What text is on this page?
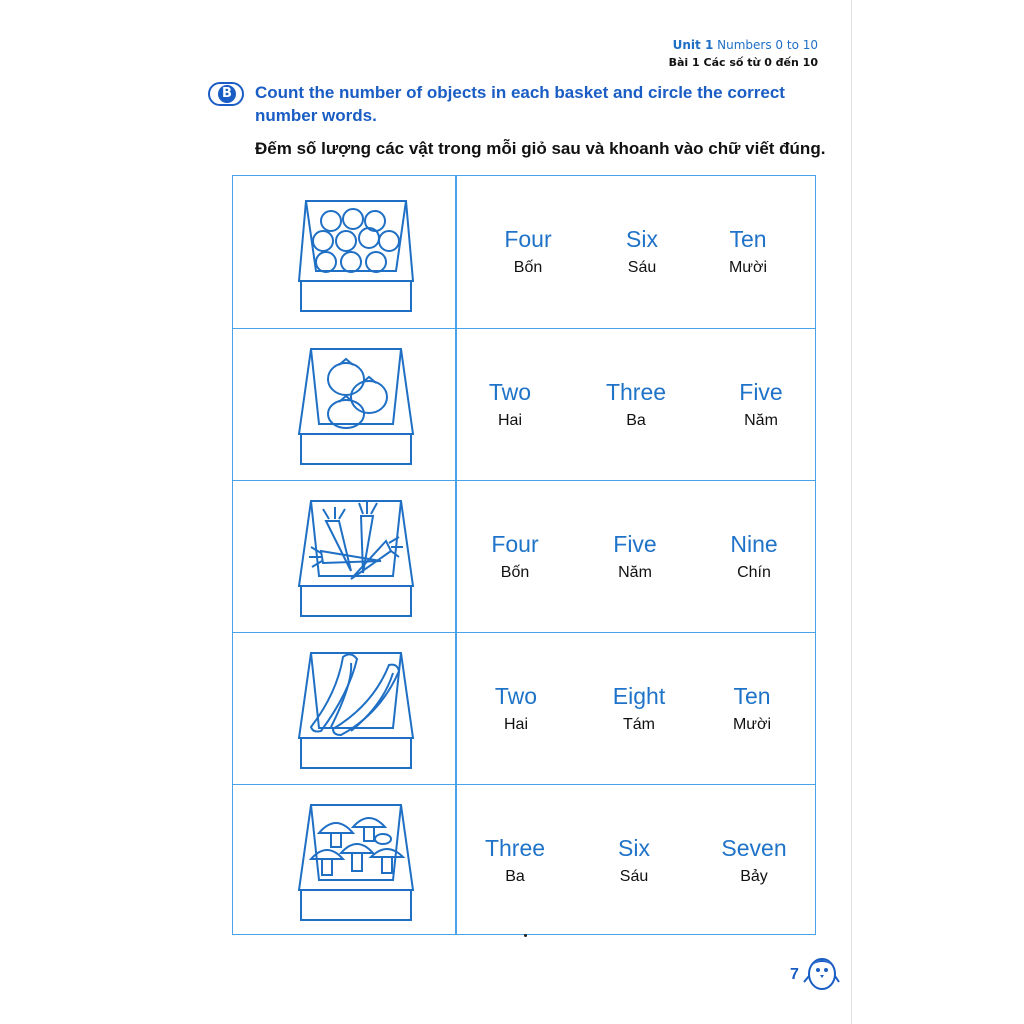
Unit 1 Numbers 0 to 10
Bài 1 Các số từ 0 đến 10
B Count the number of objects in each basket and circle the correct number words.
Đếm số lượng các vật trong mỗi giỏ sau và khoanh vào chữ viết đúng.
Four
Bốn
Six
Sáu
Ten
Mười
Two
Hai
Three
Ba
Five
Năm
Four
Bốn
Five
Năm
Nine
Chín
Two
Hai
Eight
Tám
Ten
Mười
Three
Ba
Six
Sáu
Seven
Bảy
7
